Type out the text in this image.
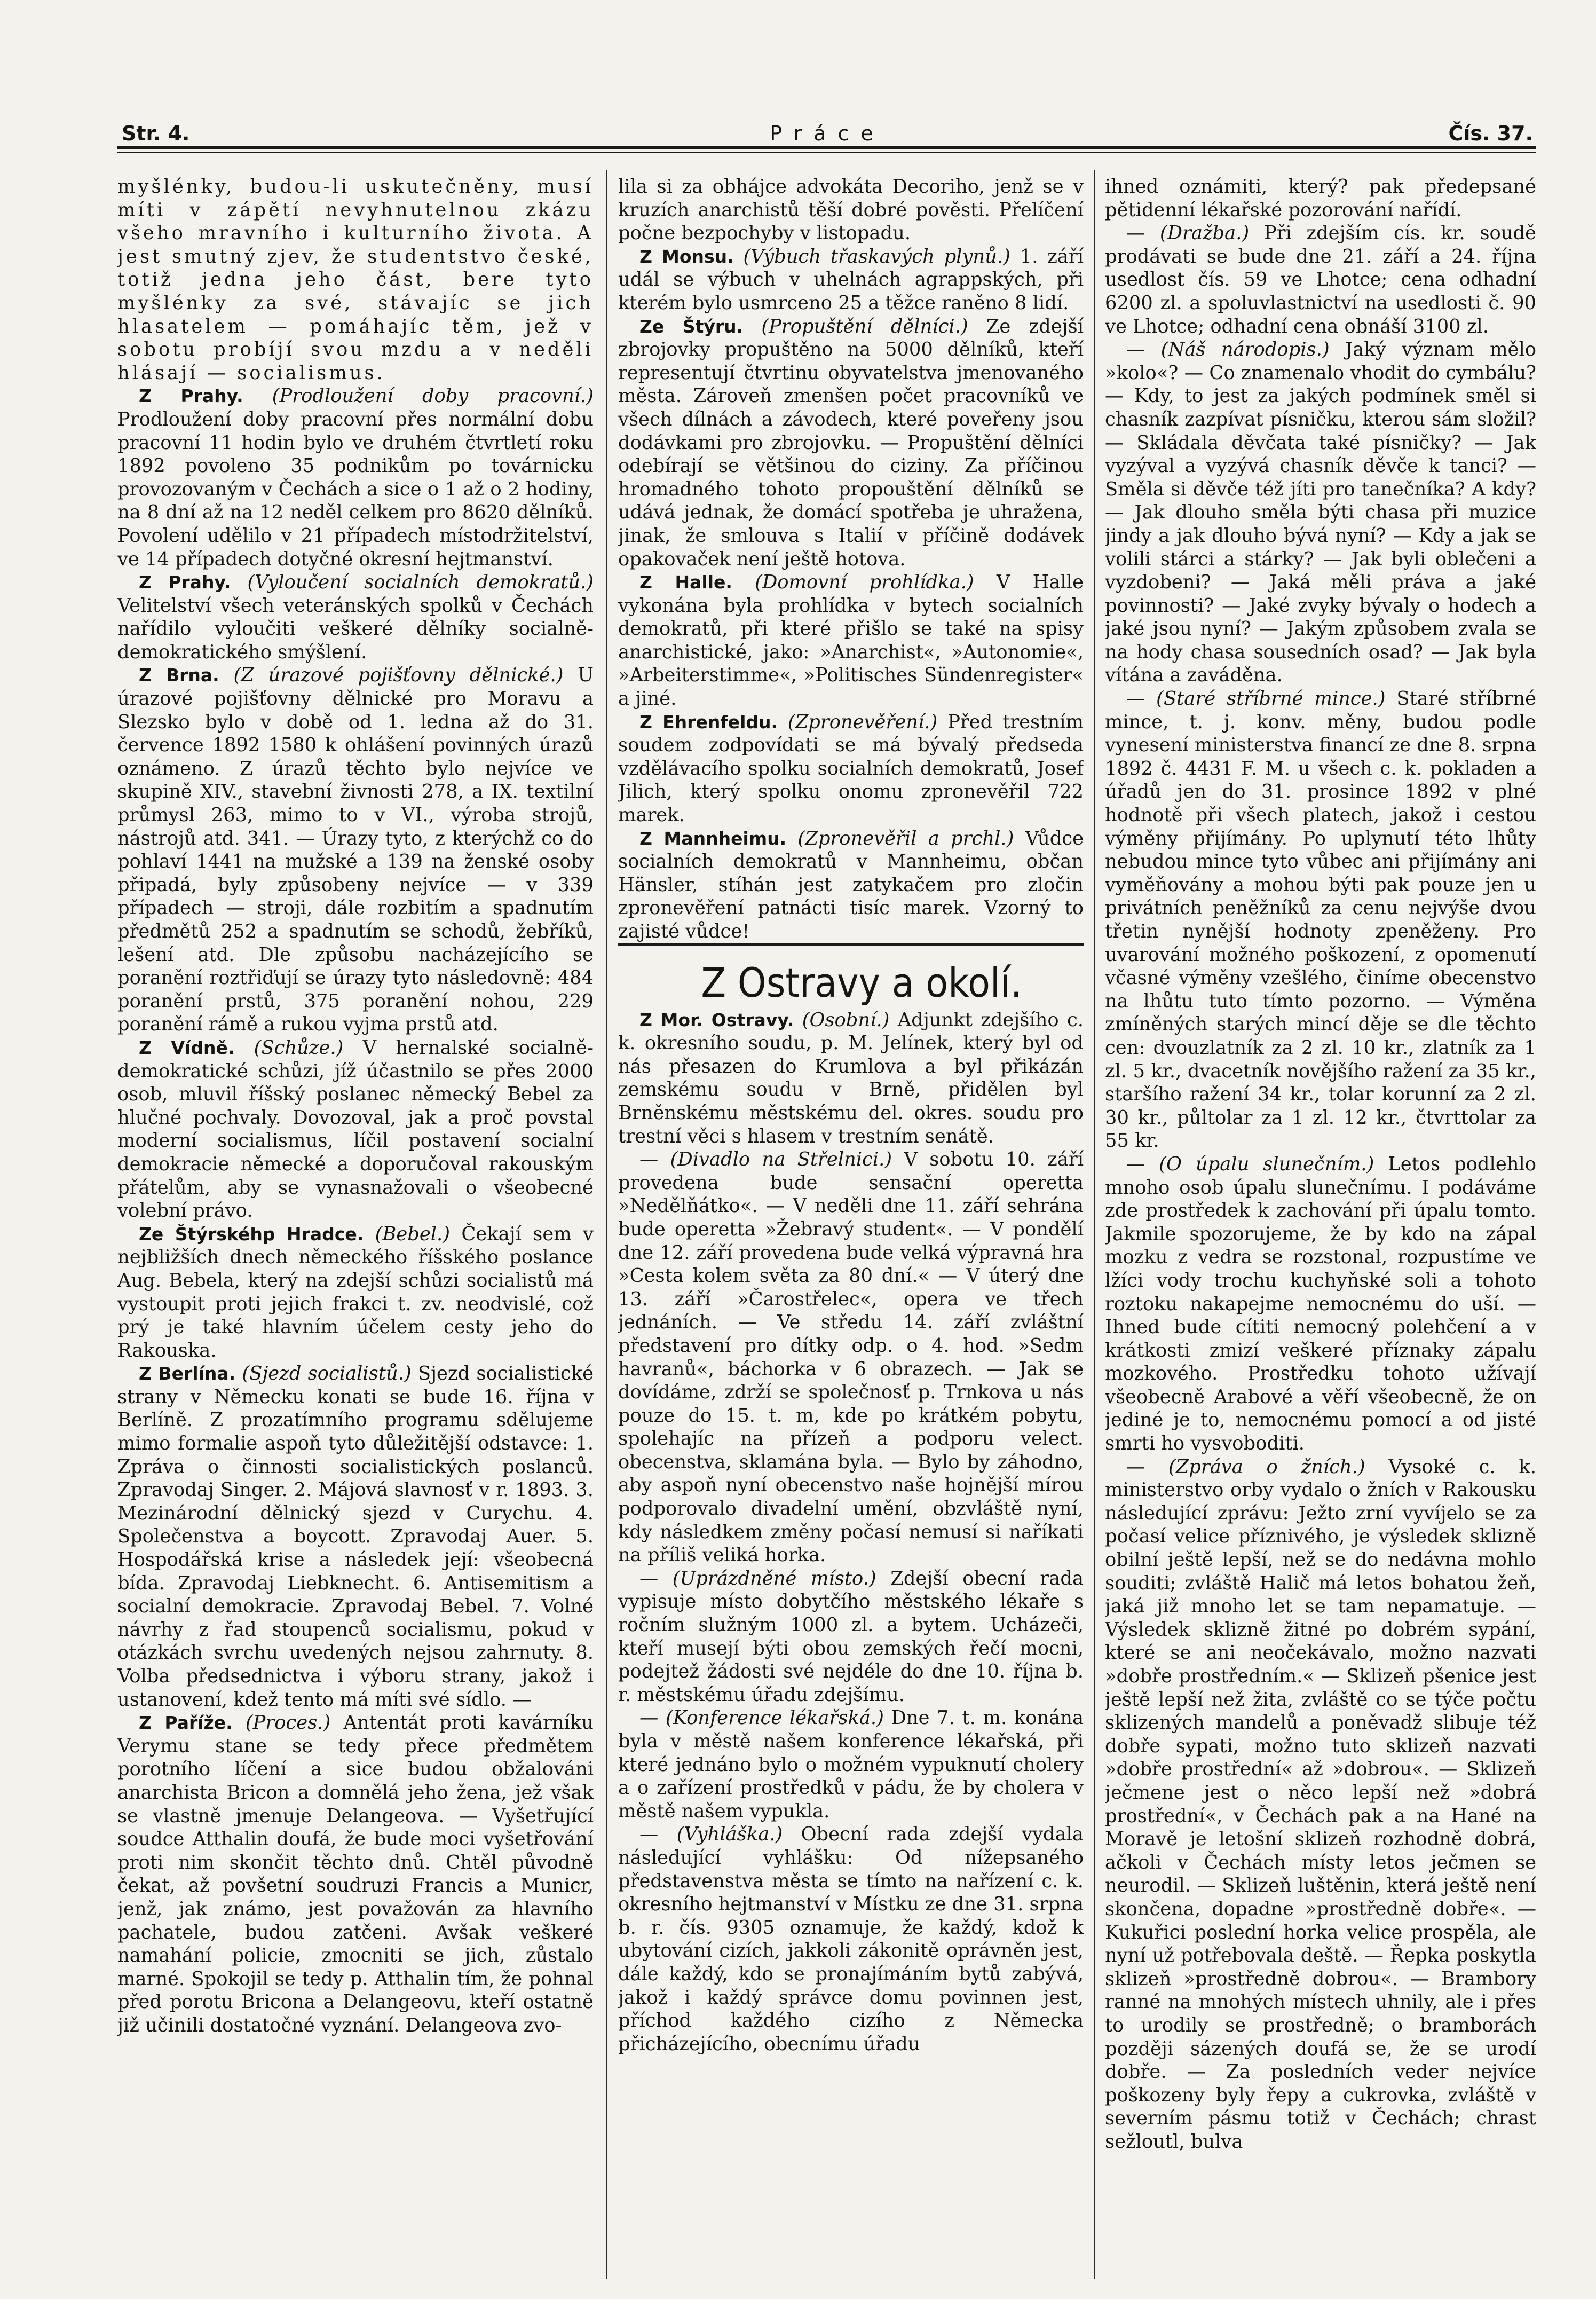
Str. 4.	Práce	Čís. 37.

myšlénky, budou-li uskutečněny, musí míti v zápětí nevyhnutelnou zkázu všeho mravního i kulturního života. A jest smutný zjev, že studentstvo české, totiž jedna jeho část, bere tyto myšlénky za své, stávajíc se jich hlasatelem — pomáhajíc těm, jež v sobotu probíjí svou mzdu a v neděli hlásají — socialismus.

Z Prahy. (Prodloužení doby pracovní.) Prodloužení doby pracovní přes normální dobu pracovní 11 hodin bylo ve druhém čtvrtletí roku 1892 povoleno 35 podnikům po továrnicku provozovaným v Čechách a sice o 1 až o 2 hodiny, na 8 dní až na 12 neděl celkem pro 8620 dělníků. Povolení udělilo v 21 případech místodržitelství, ve 14 případech dotyčné okresní hejtmanství.

Z Prahy. (Vyloučení socialních demokratů.) Velitelství všech veteránských spolků v Čechách nařídilo vyloučiti veškeré dělníky socialně-demokratického smýšlení.

Z Brna. (Z úrazové pojišťovny dělnické.) U úrazové pojišťovny dělnické pro Moravu a Slezsko bylo v době od 1. ledna až do 31. července 1892 1580 k ohlášení povinných úrazů oznámeno. Z úrazů těchto bylo nejvíce ve skupině XIV., stavební živnosti 278, a IX. textilní průmysl 263, mimo to v VI., výroba strojů, nástrojů atd. 341. — Úrazy tyto, z kterýchž co do pohlaví 1441 na mužské a 139 na ženské osoby připadá, byly způsobeny nejvíce — v 339 případech — stroji, dále rozbitím a spadnutím předmětů 252 a spadnutím se schodů, žebříků, lešení atd. Dle způsobu nacházejícího se poranění roztřiďují se úrazy tyto následovně: 484 poranění prstů, 375 poranění nohou, 229 poranění rámě a rukou vyjma prstů atd.

Z Vídně. (Schůze.) V hernalské socialně-demokratické schůzi, jíž účastnilo se přes 2000 osob, mluvil říšský poslanec německý Bebel za hlučné pochvaly. Dovozoval, jak a proč povstal moderní socialismus, líčil postavení socialní demokracie německé a doporučoval rakouským přátelům, aby se vynasnažovali o všeobecné volební právo.

Ze Štýrskéhp Hradce. (Bebel.) Čekají sem v nejbližších dnech německého říšského poslance Aug. Bebela, který na zdejší schůzi socialistů má vystoupit proti jejich frakci t. zv. neodvislé, což prý je také hlavním účelem cesty jeho do Rakouska.

Z Berlína. (Sjezd socialistů.) Sjezd socialistické strany v Německu konati se bude 16. října v Berlíně. Z prozatímního programu sdělujeme mimo formalie aspoň tyto důležitější odstavce: 1. Zpráva o činnosti socialistických poslanců. Zpravodaj Singer. 2. Májová slavnosť v r. 1893. 3. Mezinárodní dělnický sjezd v Curychu. 4. Společenstva a boycott. Zpravodaj Auer. 5. Hospodářská krise a následek její: všeobecná bída. Zpravodaj Liebknecht. 6. Antisemitism a socialní demokracie. Zpravodaj Bebel. 7. Volné návrhy z řad stoupenců socialismu, pokud v otázkách svrchu uvedených nejsou zahrnuty. 8. Volba předsednictva i výboru strany, jakož i ustanovení, kdež tento má míti své sídlo. —

Z Paříže. (Proces.) Antentát proti kavárníku Verymu stane se tedy přece předmětem porotního líčení a sice budou obžalováni anarchista Bricon a domnělá jeho žena, jež však se vlastně jmenuje Delangeova. — Vyšetřující soudce Atthalin doufá, že bude moci vyšetřování proti nim skončit těchto dnů. Chtěl původně čekat, až povšetní soudruzi Francis a Municr, jenž, jak známo, jest považován za hlavního pachatele, budou zatčeni. Avšak veškeré namahání policie, zmocniti se jich, zůstalo marné. Spokojil se tedy p. Atthalin tím, že pohnal před porotu Bricona a Delangeovu, kteří ostatně již učinili dostatočné vyznání. Delangeova zvo-

lila si za obhájce advokáta Decoriho, jenž se v kruzích anarchistů těší dobré pověsti. Přelíčení počne bezpochyby v listopadu.

Z Monsu. (Výbuch třaskavých plynů.) 1. září udál se výbuch v uhelnách agrappských, při kterém bylo usmrceno 25 a těžce raněno 8 lidí.

Ze Štýru. (Propuštění dělníci.) Ze zdejší zbrojovky propuštěno na 5000 dělníků, kteří representují čtvrtinu obyvatelstva jmenovaného města. Zároveň zmenšen počet pracovníků ve všech dílnách a závodech, které poveřeny jsou dodávkami pro zbrojovku. — Propuštění dělníci odebírají se většinou do ciziny. Za příčinou hromadného tohoto propouštění dělníků se udává jednak, že domácí spotřeba je uhražena, jinak, že smlouva s Italií v příčině dodávek opakovaček není ještě hotova.

Z Halle. (Domovní prohlídka.) V Halle vykonána byla prohlídka v bytech socialních demokratů, při které přišlo se také na spisy anarchistické, jako: »Anarchist«, »Autonomie«, »Arbeiterstimme«, »Politisches Sündenregister« a jiné.

Z Ehrenfeldu. (Zpronevěření.) Před trestním soudem zodpovídati se má bývalý předseda vzdělávacího spolku socialních demokratů, Josef Jilich, který spolku onomu zpronevěřil 722 marek.

Z Mannheimu. (Zpronevěřil a prchl.) Vůdce socialních demokratů v Mannheimu, občan Hänsler, stíhán jest zatykačem pro zločin zpronevěření patnácti tisíc marek. Vzorný to zajisté vůdce!

Z Ostravy a okolí.

Z Mor. Ostravy. (Osobní.) Adjunkt zdejšího c. k. okresního soudu, p. M. Jelínek, který byl od nás přesazen do Krumlova a byl přikázán zemskému soudu v Brně, přidělen byl Brněnskému městskému del. okres. soudu pro trestní věci s hlasem v trestním senátě.

— (Divadlo na Střelnici.) V sobotu 10. září provedena bude sensační operetta »Nedělňátko«. — V neděli dne 11. září sehrána bude operetta »Žebravý student«. — V pondělí dne 12. září provedena bude velká výpravná hra »Cesta kolem světa za 80 dní.« — V úterý dne 13. září »Čarostřelec«, opera ve třech jednáních. — Ve středu 14. září zvláštní představení pro dítky odp. o 4. hod. »Sedm havranů«, báchorka v 6 obrazech. — Jak se dovídáme, zdrží se společnosť p. Trnkova u nás pouze do 15. t. m, kde po krátkém pobytu, spolehajíc na přízeň a podporu velect. obecenstva, sklamána byla. — Bylo by záhodno, aby aspoň nyní obecenstvo naše hojnější mírou podporovalo divadelní umění, obzvláště nyní, kdy následkem změny počasí nemusí si naříkati na příliš veliká horka.

— (Uprázdněné místo.) Zdejší obecní rada vypisuje místo dobytčího městského lékaře s ročním služným 1000 zl. a bytem. Ucházeči, kteří musejí býti obou zemských řečí mocni, podejtež žádosti své nejdéle do dne 10. října b. r. městskému úřadu zdejšímu.

— (Konference lékařská.) Dne 7. t. m. konána byla v městě našem konference lékařská, při které jednáno bylo o možném vypuknutí cholery a o zařízení prostředků v pádu, že by cholera v městě našem vypukla.

— (Vyhláška.) Obecní rada zdejší vydala následující vyhlášku: Od nížepsaného představenstva města se tímto na nařízení c. k. okresního hejtmanství v Místku ze dne 31. srpna b. r. čís. 9305 oznamuje, že každý, kdož k ubytování cizích, jakkoli zákonitě oprávněn jest, dále každý, kdo se pronajímáním bytů zabývá, jakož i každý správce domu povinnen jest, příchod každého cizího z Německa přicházejícího, obecnímu úřadu

ihned oznámiti, který? pak předepsané pětidenní lékařské pozorování nařídí.

— (Dražba.) Při zdejším cís. kr. soudě prodávati se bude dne 21. září a 24. října usedlost čís. 59 ve Lhotce; cena odhadní 6200 zl. a spoluvlastnictví na usedlosti č. 90 ve Lhotce; odhadní cena obnáší 3100 zl.

— (Náš národopis.) Jaký význam mělo »kolo«? — Co znamenalo vhodit do cymbálu? — Kdy, to jest za jakých podmínek směl si chasník zazpívat písničku, kterou sám složil? — Skládala děvčata také písničky? — Jak vyzýval a vyzývá chasník děvče k tanci? — Směla si děvče též jíti pro tanečníka? A kdy? — Jak dlouho směla býti chasa při muzice jindy a jak dlouho bývá nyní? — Kdy a jak se volili stárci a stárky? — Jak byli oblečeni a vyzdobeni? — Jaká měli práva a jaké povinnosti? — Jaké zvyky bývaly o hodech a jaké jsou nyní? — Jakým způsobem zvala se na hody chasa sousedních osad? — Jak byla vítána a zaváděna.

— (Staré stříbrné mince.) Staré stříbrné mince, t. j. konv. měny, budou podle vynesení ministerstva financí ze dne 8. srpna 1892 č. 4431 F. M. u všech c. k. pokladen a úřadů jen do 31. prosince 1892 v plné hodnotě při všech platech, jakož i cestou výměny přijímány. Po uplynutí této lhůty nebudou mince tyto vůbec ani přijímány ani vyměňovány a mohou býti pak pouze jen u privátních peněžníků za cenu nejvýše dvou třetin nynější hodnoty zpeněženy. Pro uvarování možného poškození, z opomenutí včasné výměny vzešlého, činíme obecenstvo na lhůtu tuto tímto pozorno. — Výměna zmíněných starých mincí děje se dle těchto cen: dvouzlatník za 2 zl. 10 kr., zlatník za 1 zl. 5 kr., dvacetník novějšího ražení za 35 kr., staršího ražení 34 kr., tolar korunní za 2 zl. 30 kr., půltolar za 1 zl. 12 kr., čtvrttolar za 55 kr.

— (O úpalu slunečním.) Letos podlehlo mnoho osob úpalu slunečnímu. I podáváme zde prostředek k zachování při úpalu tomto. Jakmile spozorujeme, že by kdo na zápal mozku z vedra se rozstonal, rozpustíme ve lžíci vody trochu kuchyňské soli a tohoto roztoku nakapejme nemocnému do uší. — Ihned bude cítiti nemocný polehčení a v krátkosti zmizí veškeré příznaky zápalu mozkového. Prostředku tohoto užívají všeobecně Arabové a věří všeobecně, že on jediné je to, nemocnému pomocí a od jisté smrti ho vysvoboditi.

— (Zpráva o žních.) Vysoké c. k. ministerstvo orby vydalo o žních v Rakousku následující zprávu: Ježto zrní vyvíjelo se za počasí velice příznivého, je výsledek sklizně obilní ještě lepší, než se do nedávna mohlo souditi; zvláště Halič má letos bohatou žeň, jaká již mnoho let se tam nepamatuje. — Výsledek sklizně žitné po dobrém sypání, které se ani neočekávalo, možno nazvati »dobře prostředním.« — Sklizeň pšenice jest ještě lepší než žita, zvláště co se týče počtu sklizených mandelů a poněvadž slibuje též dobře sypati, možno tuto sklizeň nazvati »dobře prostřední« až »dobrou«. — Sklizeň ječmene jest o něco lepší než »dobrá prostřední«, v Čechách pak a na Hané na Moravě je letošní sklizeň rozhodně dobrá, ačkoli v Čechách místy letos ječmen se neurodil. — Sklizeň luštěnin, která ještě není skončena, dopadne »prostředně dobře«. — Kukuřici poslední horka velice prospěla, ale nyní už potřebovala deště. — Řepka poskytla sklizeň »prostředně dobrou«. — Brambory ranné na mnohých místech uhnily, ale i přes to urodily se prostředně; o bramborách později sázených doufá se, že se urodí dobře. — Za posledních veder nejvíce poškozeny byly řepy a cukrovka, zvláště v severním pásmu totiž v Čechách; chrast sežloutl, bulva
